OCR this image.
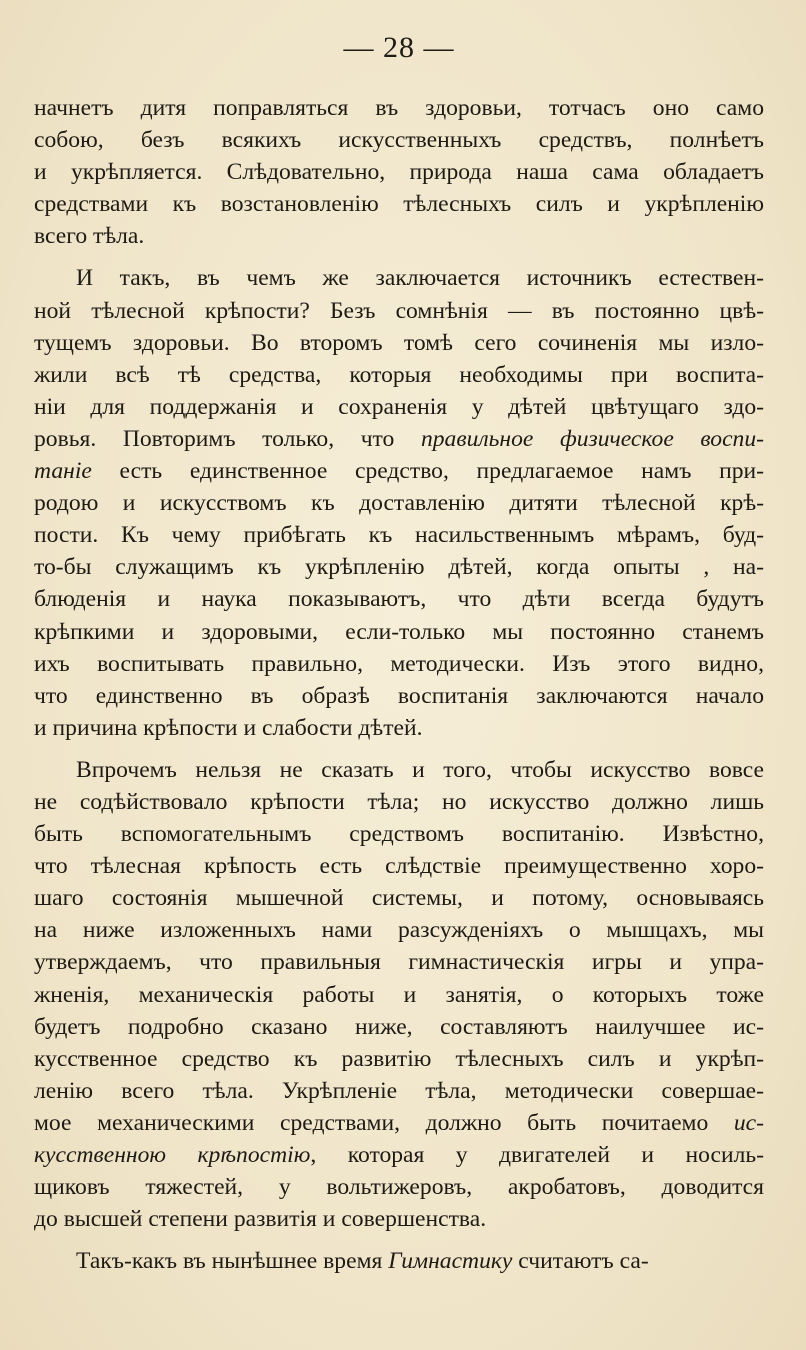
— 28 —
начнетъ дитя поправляться въ здоровьи, тотчасъ оно само
собою, безъ всякихъ искусственныхъ средствъ, полнѣетъ
и укрѣпляется. Слѣдовательно, природа наша сама обладаетъ
средствами къ возстановленію тѣлесныхъ силъ и укрѣпленію
всего тѣла.
И такъ, въ чемъ же заключается источникъ естествен-
ной тѣлесной крѣпости? Безъ сомнѣнія — въ постоянно цвѣ-
тущемъ здоровьи. Во второмъ томѣ сего сочиненія мы изло-
жили всѣ тѣ средства, которыя необходимы при воспита-
ніи для поддержанія и сохраненія у дѣтей цвѣтущаго здо-
ровья. Повторимъ только, что правильное физическое воспи-
таніе есть единственное средство, предлагаемое намъ при-
родою и искусствомъ къ доставленію дитяти тѣлесной крѣ-
пости. Къ чему прибѣгать къ насильственнымъ мѣрамъ, буд-
то-бы служащимъ къ укрѣпленію дѣтей, когда опыты , на-
блюденія и наука показываютъ, что дѣти всегда будутъ
крѣпкими и здоровыми, если-только мы постоянно станемъ
ихъ воспитывать правильно, методически. Изъ этого видно,
что единственно въ образѣ воспитанія заключаются начало
и причина крѣпости и слабости дѣтей.
Впрочемъ нельзя не сказать и того, чтобы искусство вовсе
не содѣйствовало крѣпости тѣла; но искусство должно лишь
быть вспомогательнымъ средствомъ воспитанію. Извѣстно,
что тѣлесная крѣпость есть слѣдствіе преимущественно хоро-
шаго состоянія мышечной системы, и потому, основываясь
на ниже изложенныхъ нами разсужденіяхъ о мышцахъ, мы
утверждаемъ, что правильныя гимнастическія игры и упра-
жненія, механическія работы и занятія, о которыхъ тоже
будетъ подробно сказано ниже, составляютъ наилучшее ис-
кусственное средство къ развитію тѣлесныхъ силъ и укрѣп-
ленію всего тѣла. Укрѣпленіе тѣла, методически совершае-
мое механическими средствами, должно быть почитаемо ис-
кусственною крѣпостію, которая у двигателей и носиль-
щиковъ тяжестей, у вольтижеровъ, акробатовъ, доводится
до высшей степени развитія и совершенства.
Такъ-какъ въ нынѣшнее время Гимнастику считаютъ са-
